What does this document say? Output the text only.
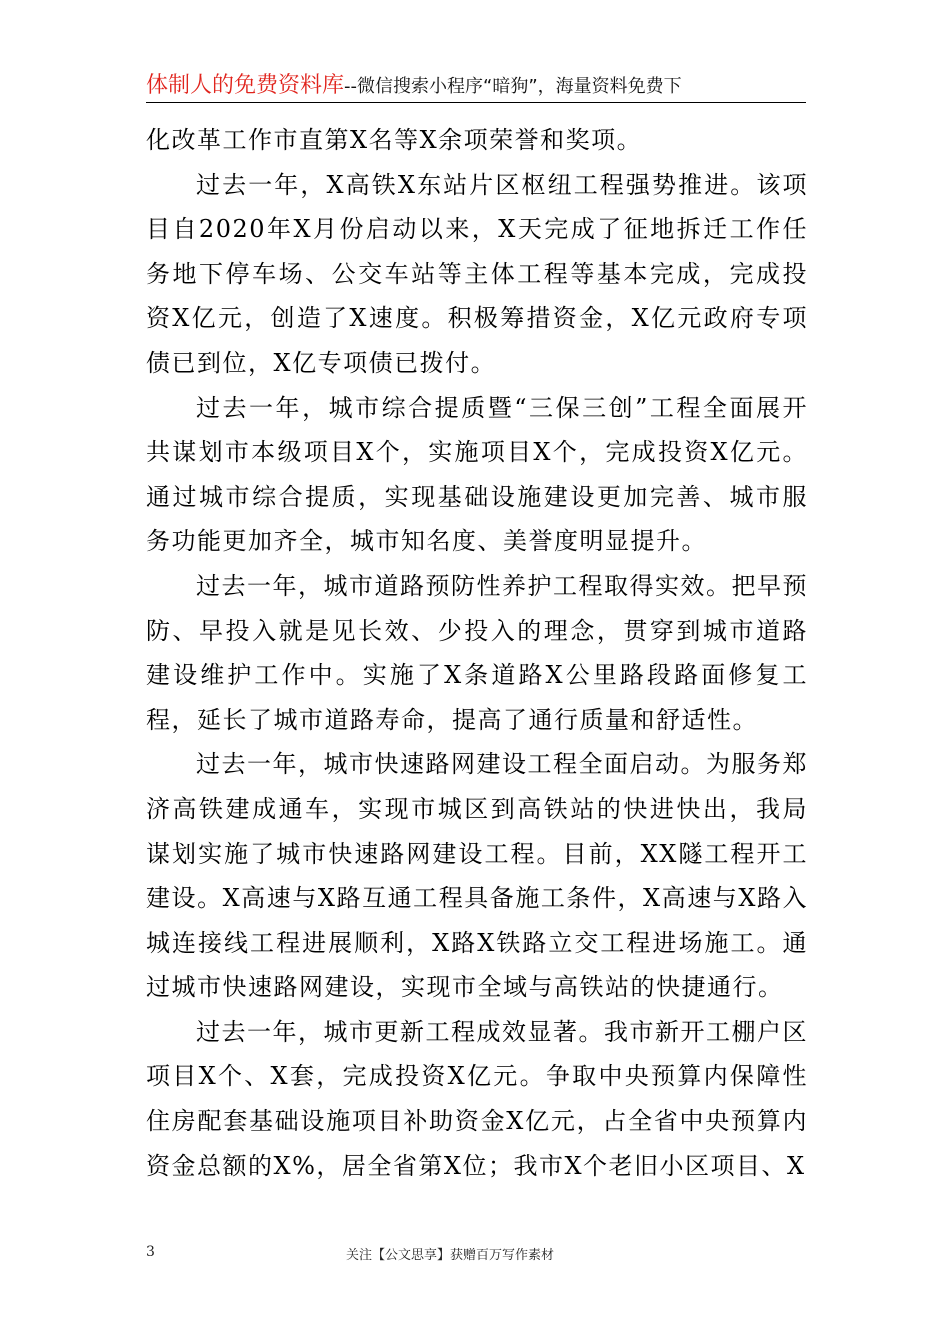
体制人的免费资料库--微信搜索小程序“暗狗”，海量资料免费下

化改革工作市直第X名等X余项荣誉和奖项。

过去一年，X高铁X东站片区枢纽工程强势推进。该项目自2020年X月份启动以来，X天完成了征地拆迁工作任务地下停车场、公交车站等主体工程等基本完成，完成投资X亿元，创造了X速度。积极筹措资金，X亿元政府专项债已到位，X亿专项债已拨付。

过去一年，城市综合提质暨“三保三创”工程全面展开共谋划市本级项目X个，实施项目X个，完成投资X亿元。通过城市综合提质，实现基础设施建设更加完善、城市服务功能更加齐全，城市知名度、美誉度明显提升。

过去一年，城市道路预防性养护工程取得实效。把早预防、早投入就是见长效、少投入的理念，贯穿到城市道路建设维护工作中。实施了X条道路X公里路段路面修复工程，延长了城市道路寿命，提高了通行质量和舒适性。

过去一年，城市快速路网建设工程全面启动。为服务郑济高铁建成通车，实现市城区到高铁站的快进快出，我局谋划实施了城市快速路网建设工程。目前，XX隧工程开工建设。X高速与X路互通工程具备施工条件，X高速与X路入城连接线工程进展顺利，X路X铁路立交工程进场施工。通过城市快速路网建设，实现市全域与高铁站的快捷通行。

过去一年，城市更新工程成效显著。我市新开工棚户区项目X个、X套，完成投资X亿元。争取中央预算内保障性住房配套基础设施项目补助资金X亿元，占全省中央预算内资金总额的X%，居全省第X位；我市X个老旧小区项目、X

3	关注【公文思享】获赠百万写作素材
